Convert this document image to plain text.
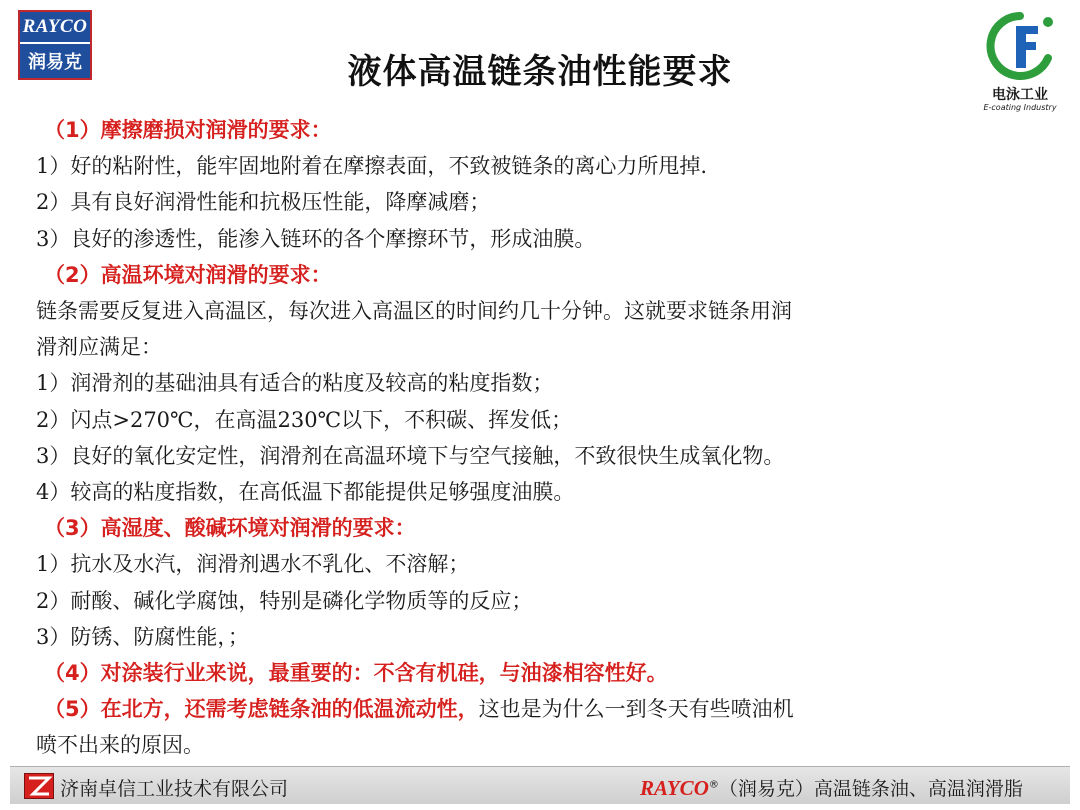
RAYCO
润易克	液体高温链条油性能要求
电泳工业
E-coating Industry
（1）摩擦磨损对润滑的要求：
1）好的粘附性，能牢固地附着在摩擦表面，不致被链条的离心力所甩掉.
2）具有良好润滑性能和抗极压性能，降摩减磨；
3）良好的渗透性，能渗入链环的各个摩擦环节，形成油膜。
（2）高温环境对润滑的要求：
链条需要反复进入高温区，每次进入高温区的时间约几十分钟。这就要求链条用润
滑剂应满足：
1）润滑剂的基础油具有适合的粘度及较高的粘度指数；
2）闪点>270℃，在高温230℃以下，不积碳、挥发低；
3）良好的氧化安定性，润滑剂在高温环境下与空气接触，不致很快生成氧化物。
4）较高的粘度指数，在高低温下都能提供足够强度油膜。
（3）高湿度、酸碱环境对润滑的要求：
1）抗水及水汽，润滑剂遇水不乳化、不溶解；
2）耐酸、碱化学腐蚀，特别是磷化学物质等的反应；
3）防锈、防腐性能，；
（4）对涂装行业来说，最重要的：不含有机硅，与油漆相容性好。
（5）在北方，还需考虑链条油的低温流动性，这也是为什么一到冬天有些喷油机
喷不出来的原因。
济南卓信工业技术有限公司	RAYCO®（润易克）高温链条油、高温润滑脂
